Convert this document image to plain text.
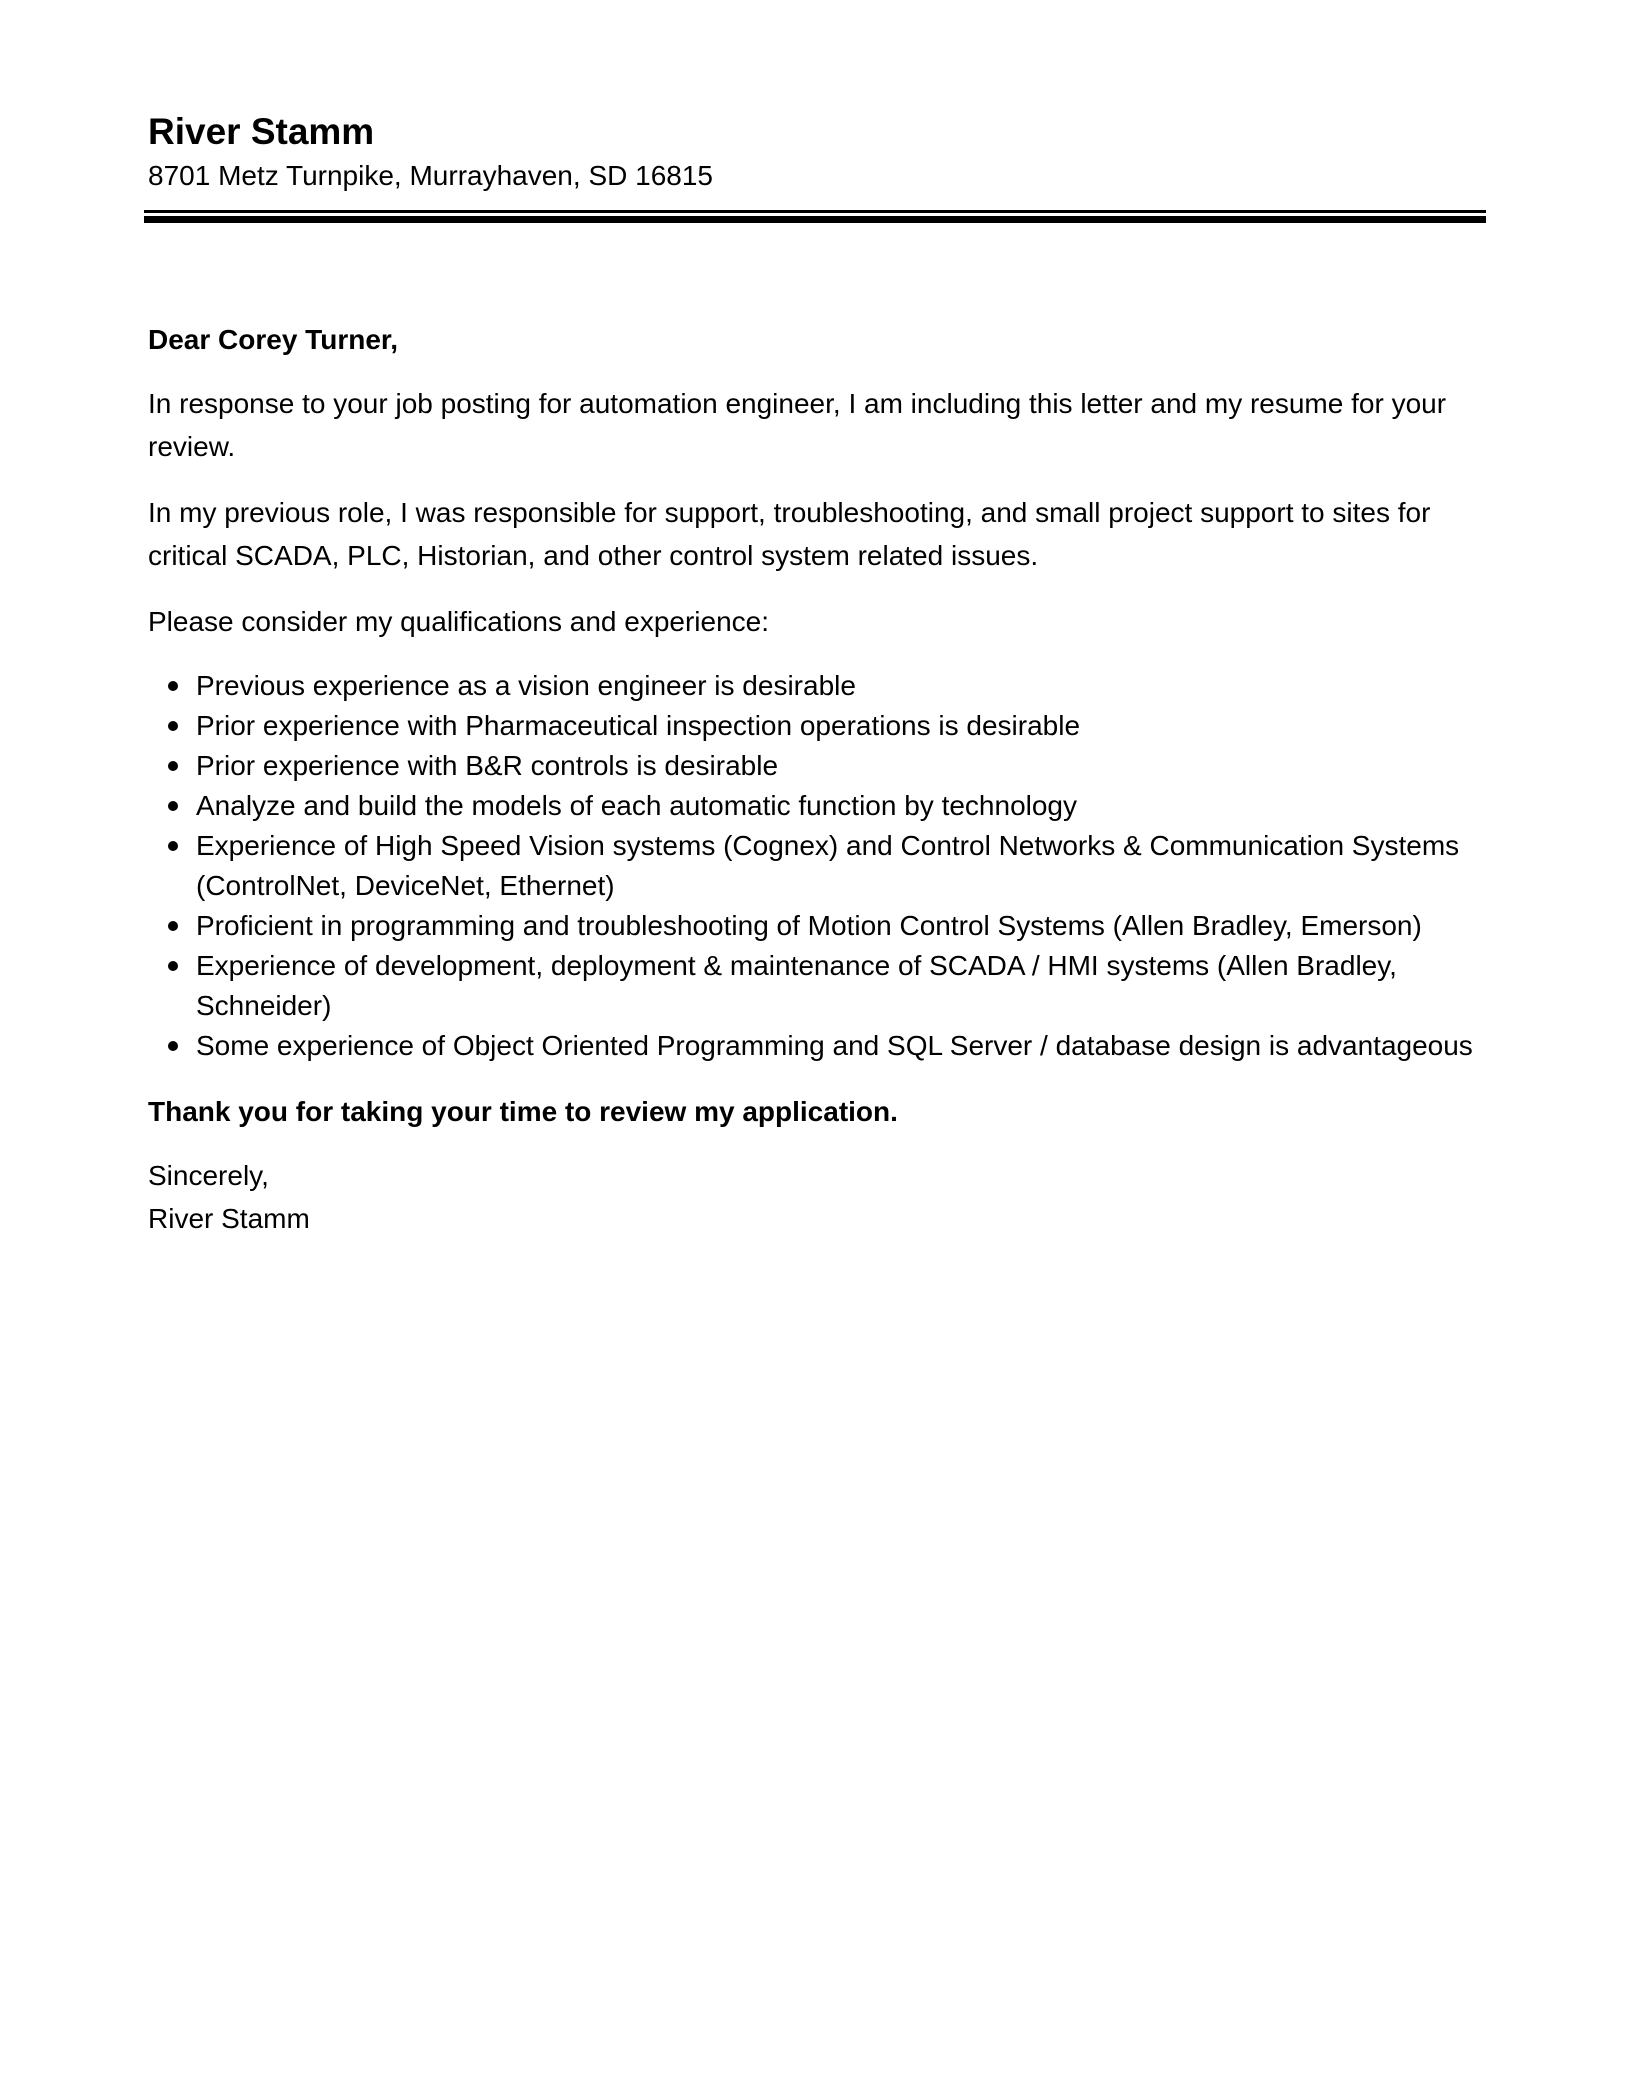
River Stamm

8701 Metz Turnpike, Murrayhaven, SD 16815

Dear Corey Turner,

In response to your job posting for automation engineer, I am including this letter and my resume for your review.

In my previous role, I was responsible for support, troubleshooting, and small project support to sites for critical SCADA, PLC, Historian, and other control system related issues.

Please consider my qualifications and experience:

Previous experience as a vision engineer is desirable
Prior experience with Pharmaceutical inspection operations is desirable
Prior experience with B&R controls is desirable
Analyze and build the models of each automatic function by technology
Experience of High Speed Vision systems (Cognex) and Control Networks & Communication Systems (ControlNet, DeviceNet, Ethernet)
Proficient in programming and troubleshooting of Motion Control Systems (Allen Bradley, Emerson)
Experience of development, deployment & maintenance of SCADA / HMI systems (Allen Bradley, Schneider)
Some experience of Object Oriented Programming and SQL Server / database design is advantageous

Thank you for taking your time to review my application.

Sincerely,

River Stamm
